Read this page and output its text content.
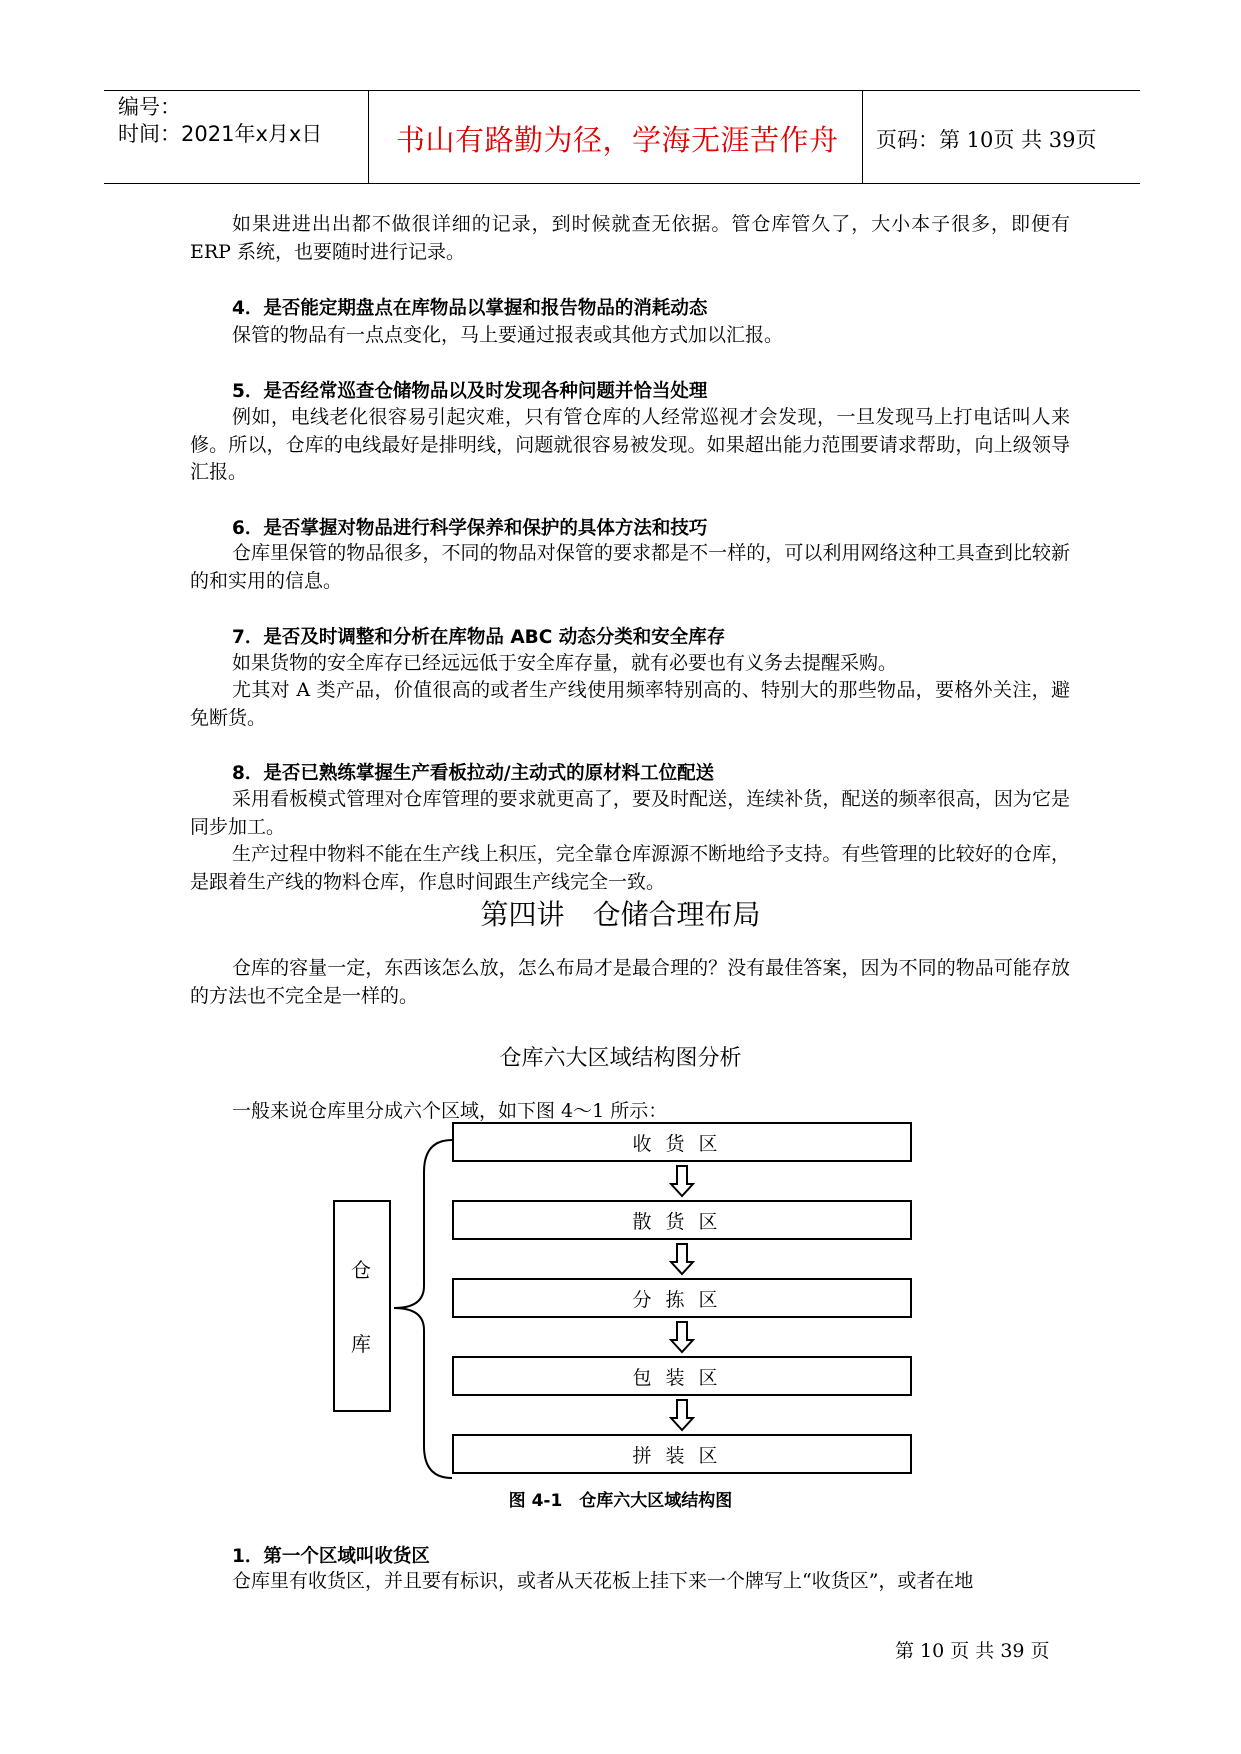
编号：
时间：2021年x月x日	书山有路勤为径，学海无涯苦作舟 页码：第 10页 共 39页
如果进进出出都不做很详细的记录，到时候就查无依据。管仓库管久了，大小本子很多，即便有 ERP 系统，也要随时进行记录。
4．是否能定期盘点在库物品以掌握和报告物品的消耗动态
保管的物品有一点点变化，马上要通过报表或其他方式加以汇报。
5．是否经常巡查仓储物品以及时发现各种问题并恰当处理
例如，电线老化很容易引起灾难，只有管仓库的人经常巡视才会发现，一旦发现马上打电话叫人来修。所以，仓库的电线最好是排明线，问题就很容易被发现。如果超出能力范围要请求帮助，向上级领导汇报。
6．是否掌握对物品进行科学保养和保护的具体方法和技巧
仓库里保管的物品很多，不同的物品对保管的要求都是不一样的，可以利用网络这种工具查到比较新的和实用的信息。
7．是否及时调整和分析在库物品 ABC 动态分类和安全库存
如果货物的安全库存已经远远低于安全库存量，就有必要也有义务去提醒采购。
尤其对 A 类产品，价值很高的或者生产线使用频率特别高的、特别大的那些物品，要格外关注，避免断货。
8．是否已熟练掌握生产看板拉动/主动式的原材料工位配送
采用看板模式管理对仓库管理的要求就更高了，要及时配送，连续补货，配送的频率很高，因为它是同步加工。
生产过程中物料不能在生产线上积压，完全靠仓库源源不断地给予支持。有些管理的比较好的仓库，是跟着生产线的物料仓库，作息时间跟生产线完全一致。
第四讲　仓储合理布局
仓库的容量一定，东西该怎么放，怎么布局才是最合理的？没有最佳答案，因为不同的物品可能存放的方法也不完全是一样的。
仓库六大区域结构图分析
一般来说仓库里分成六个区域，如下图 4～1 所示：
仓
库
收货区
散货区
分拣区
包装区
拼装区
图 4-1　仓库六大区域结构图
1．第一个区域叫收货区
仓库里有收货区，并且要有标识，或者从天花板上挂下来一个牌写上“收货区”，或者在地
第 10 页 共 39 页
